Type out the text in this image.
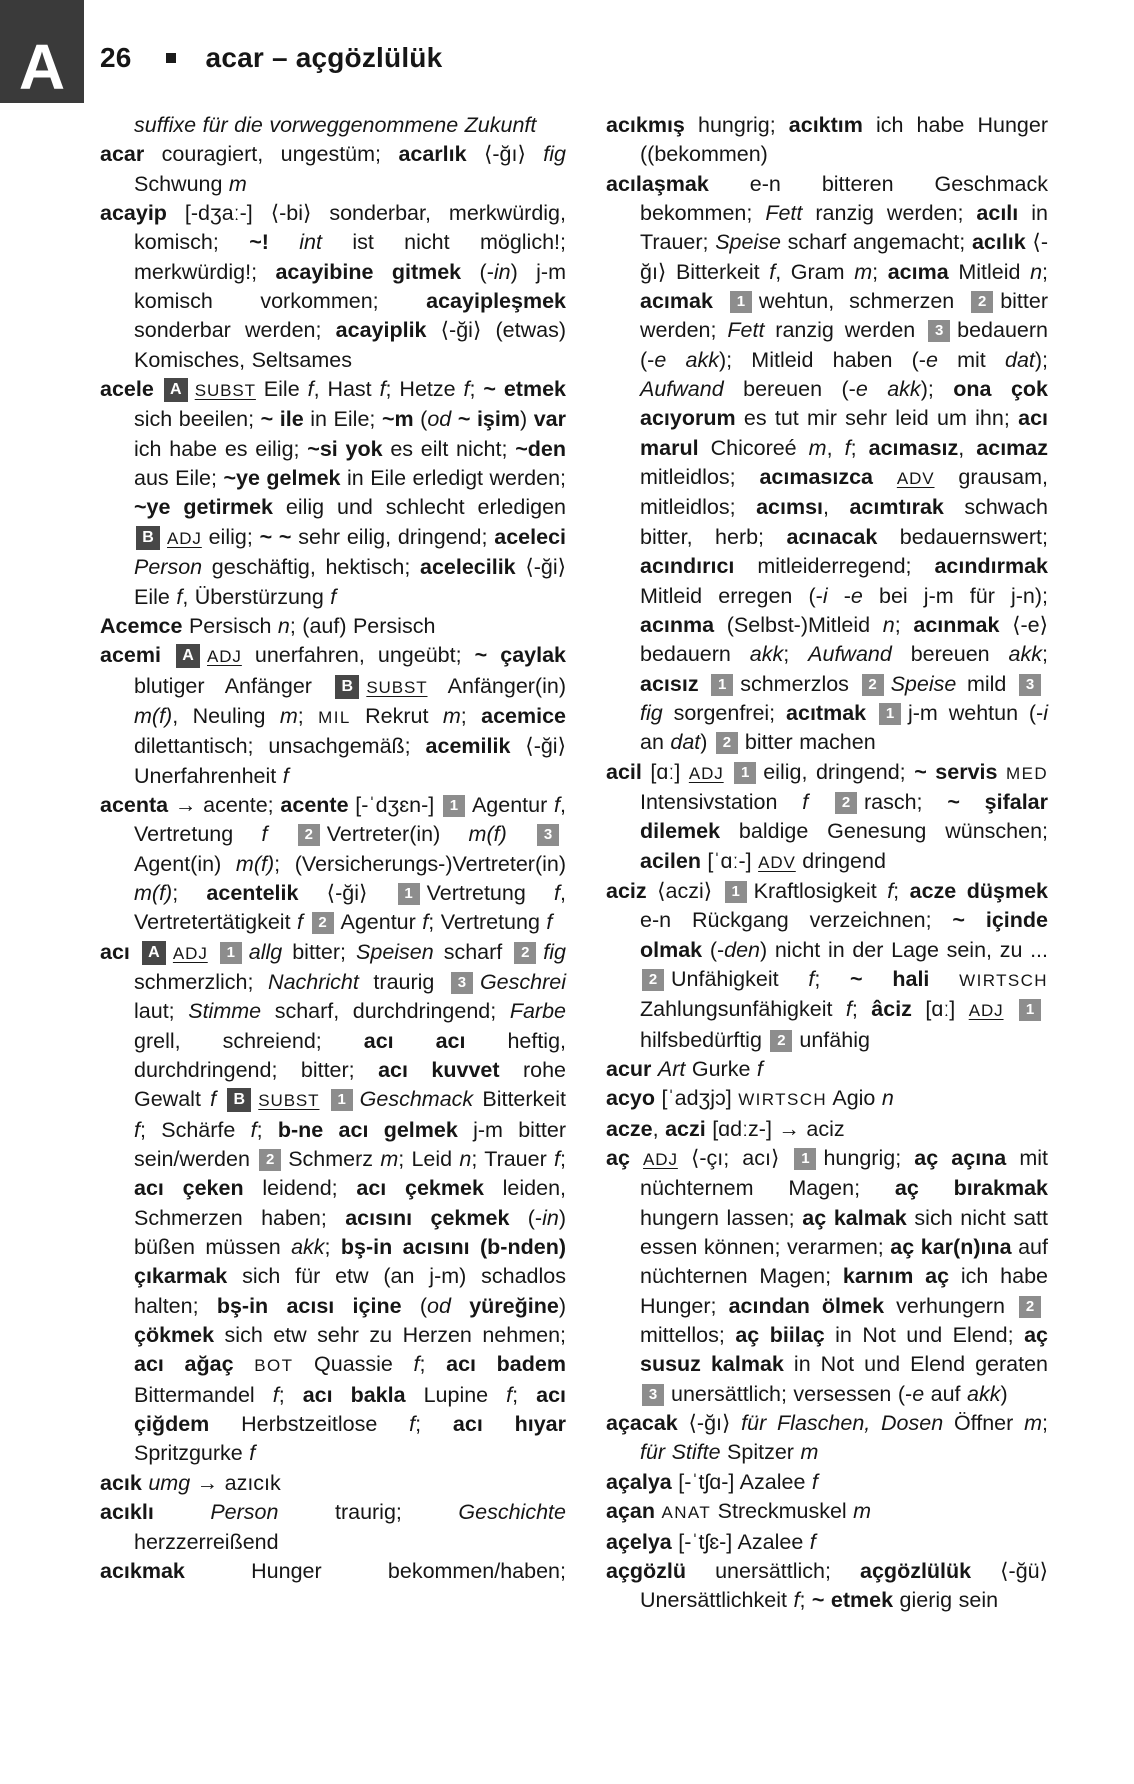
A 26	acar – açgözlülük

suffixe für die vorweggenommene Zukunft

acar couragiert, ungestüm; acarlık ⟨-ğı⟩ fig Schwung m

acayip [-dʒaː-] ⟨-bi⟩ sonderbar, merkwürdig, komisch; ~! int ist nicht möglich!; merkwürdig!; acayibine gitmek (-in) j-m komisch vorkommen; acayipleşmek sonderbar werden; acayiplik ⟨-ği⟩ (etwas) Komisches, Seltsames

acele A SUBST Eile f, Hast f; Hetze f; ~ etmek sich beeilen; ~ ile in Eile; ~m (od ~ işim) var ich habe es eilig; ~si yok es eilt nicht; ~den aus Eile; ~ye gelmek in Eile erledigt werden; ~ye getirmek eilig und schlecht erledigen B ADJ eilig; ~ ~ sehr eilig, dringend; aceleci Person geschäftig, hektisch; acelecilik ⟨-ği⟩ Eile f, Überstürzung f

Acemce Persisch n; (auf) Persisch

acemi A ADJ unerfahren, ungeübt; ~ çaylak blutiger Anfänger B SUBST Anfänger(in) m(f), Neuling m; MIL Rekrut m; acemice dilettantisch; unsachgemäß; acemilik ⟨-ği⟩ Unerfahrenheit f

acenta → acente; acente [-ˈdʒɛn-] 1 Agentur f, Vertretung f 2 Vertreter(in) m(f) 3Agent(in) m(f); (Versicherungs-)Vertreter(in) m(f); acentelik ⟨-ği⟩ 1 Vertretung f, Vertretertätigkeit f 2 Agentur f; Vertretung f

acı A ADJ 1 allg bitter; Speisen scharf 2 fig schmerzlich; Nachricht traurig 3 Geschrei laut; Stimme scharf, durchdringend; Farbe grell, schreiend; acı acı heftig, durchdringend; bitter; acı kuvvet rohe Gewalt f B SUBST 1 Geschmack Bitterkeit f; Schärfe f; b-ne acı gelmek j-m bitter sein/werden 2 Schmerz m; Leid n; Trauer f; acı çeken leidend; acı çekmek leiden, Schmerzen haben; acısını çekmek (-in) büßen müssen akk; bş-in acısını (b-nden) çıkarmak sich für etw (an j-m) schadlos halten; bş-in acısı içine (od yüreğine) çökmek sich etw sehr zu Herzen nehmen; acı ağaç BOT Quassie f; acı badem Bittermandel f; acı bakla Lupine f; acı çiğdem Herbstzeitlose f; acı hıyar Spritzgurke f

acık umg → azıcık

acıklı	Person traurig; Geschichte herzzerreißend

acıkmak Hunger bekommen/haben;

acıkmış hungrig; acıktım ich habe Hunger ((bekommen)

acılaşmak e-n bitteren Geschmack bekommen; Fett ranzig werden; acılı in Trauer; Speise scharf angemacht; acılık ⟨-ğı⟩ Bitterkeit f, Gram m; acıma Mitleid n; acımak 1 wehtun, schmerzen 2 bitter werden; Fett ranzig werden 3 bedauern (-e akk); Mitleid haben (-e mit dat); Aufwand bereuen (-e akk); ona çok acıyorum es tut mir sehr leid um ihn; acı marul Chicoreé m, f; acımasız, acımaz mitleidlos; acımasızca ADV grausam, mitleidlos; acımsı, acımtırak schwach bitter, herb; acınacak bedauernswert; acındırıcı mitleiderregend; acındırmak Mitleid erregen (-i -e bei j-m für j-n); acınma (Selbst-)Mitleid n; acınmak ⟨-e⟩ bedauern akk; Aufwand bereuen akk; acısız 1 schmerzlos 2 Speise mild 3fig sorgenfrei; acıtmak 1 j-m wehtun (-i an dat) 2 bitter machen

acil [ɑː] ADJ 1 eilig, dringend; ~ servis MED Intensivstation f 2 rasch; ~ şifalar dilemek baldige Genesung wünschen; acilen [ˈɑː-] ADV dringend

aciz ⟨aczi⟩ 1 Kraftlosigkeit f; acze düşmek e-n Rückgang verzeichnen; ~ içinde olmak (-den) nicht in der Lage sein, zu ... 2 Unfähigkeit f; ~ hali WIRTSCH Zahlungsunfähigkeit f; âciz [ɑː] ADJ 1hilfsbedürftig 2 unfähig

acur Art Gurke f

acyo [ˈadʒjɔ] WIRTSCH Agio n

acze, aczi [ɑdːz-] → aciz

aç ADJ ⟨-çı; acı⟩ 1 hungrig; aç açına mit nüchternem Magen; aç bırakmak hungern lassen; aç kalmak sich nicht satt essen können; verarmen; aç kar(n)ına auf nüchternen Magen; karnım aç ich habe Hunger; acından ölmek verhungern 2mittellos; aç biilaç in Not und Elend; aç susuz kalmak in Not und Elend geraten 3 unersättlich; versessen (-e auf akk)

açacak ⟨-ğı⟩ für Flaschen, Dosen Öffner m; für Stifte Spitzer m

açalya [-ˈtʃɑ-] Azalee f

açan ANAT Streckmuskel m

açelya [-ˈtʃɛ-] Azalee f

açgözlü unersättlich; açgözlülük ⟨-ğü⟩ Unersättlichkeit f; ~ etmek gierig sein
